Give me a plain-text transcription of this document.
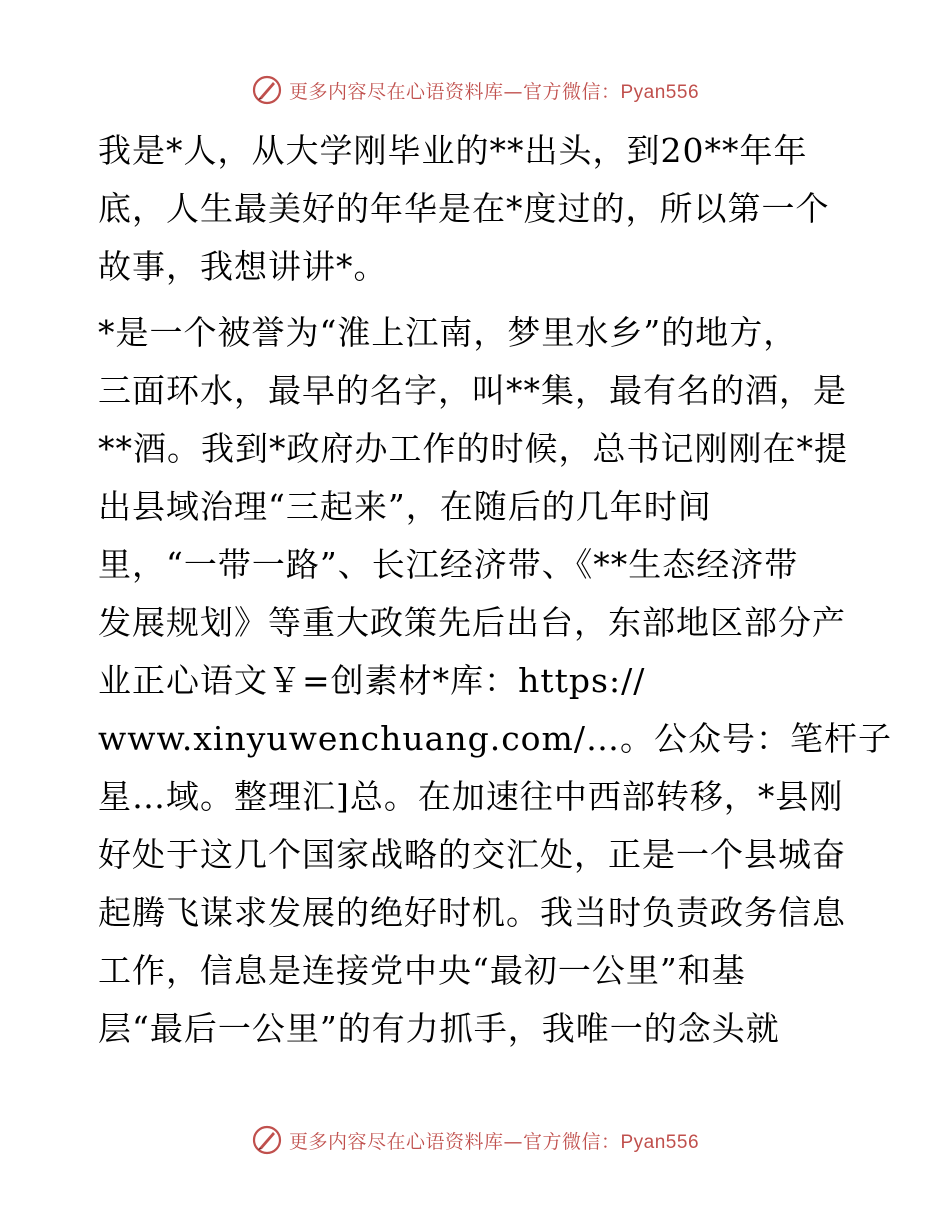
更多内容尽在心语资料库—官方微信：Pyan556
我是*人，从大学刚毕业的**出头，到20**年年
底，人生最美好的年华是在*度过的，所以第一个
故事，我想讲讲*。
*是一个被誉为“淮上江南，梦里水乡”的地方，
三面环水，最早的名字，叫**集，最有名的酒，是
**酒。我到*政府办工作的时候，总书记刚刚在*提
出县域治理“三起来”，在随后的几年时间
里，“一带一路”、长江经济带、《**生态经济带
发展规划》等重大政策先后出台，东部地区部分产
业正心语文￥=创素材*库：https://
www.xinyuwenchuang.com/…。公众号：笔杆子
星…域。整理汇]总。在加速往中西部转移，*县刚
好处于这几个国家战略的交汇处，正是一个县城奋
起腾飞谋求发展的绝好时机。我当时负责政务信息
工作，信息是连接党中央“最初一公里”和基
层“最后一公里”的有力抓手，我唯一的念头就
更多内容尽在心语资料库—官方微信：Pyan556
